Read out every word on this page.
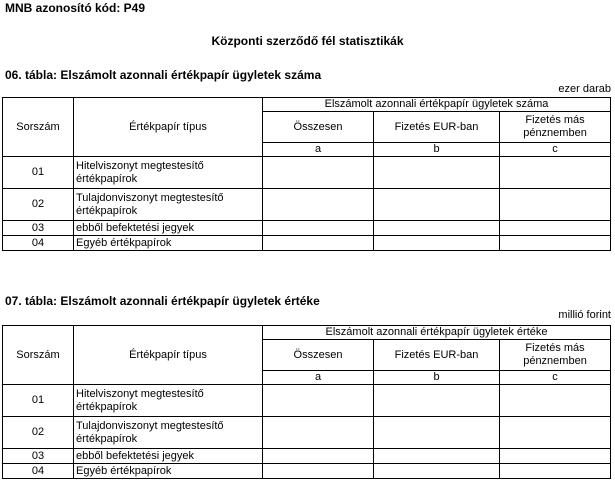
MNB azonosító kód: P49
Központi szerződő fél statisztikák
06. tábla: Elszámolt azonnali értékpapír ügyletek száma
ezer darab
Sorszám	Értékpapír típus	Elszámolt azonnali értékpapír ügyletek száma		
		Összesen	Fizetés EUR-ban	Fizetés más
pénznemben
		a	b	c
01	Hitelviszonyt megtestesítő
értékpapírok			
02	Tulajdonviszonyt megtestesítő
értékpapírok			
03	ebből befektetési jegyek			
04	Egyéb értékpapírok			
07. tábla: Elszámolt azonnali értékpapír ügyletek értéke
millió forint
Sorszám	Értékpapír típus	Elszámolt azonnali értékpapír ügyletek értéke		
		Összesen	Fizetés EUR-ban	Fizetés más
pénznemben
		a	b	c
01	Hitelviszonyt megtestesítő
értékpapírok			
02	Tulajdonviszonyt megtestesítő
értékpapírok			
03	ebből befektetési jegyek			
04	Egyéb értékpapírok			
